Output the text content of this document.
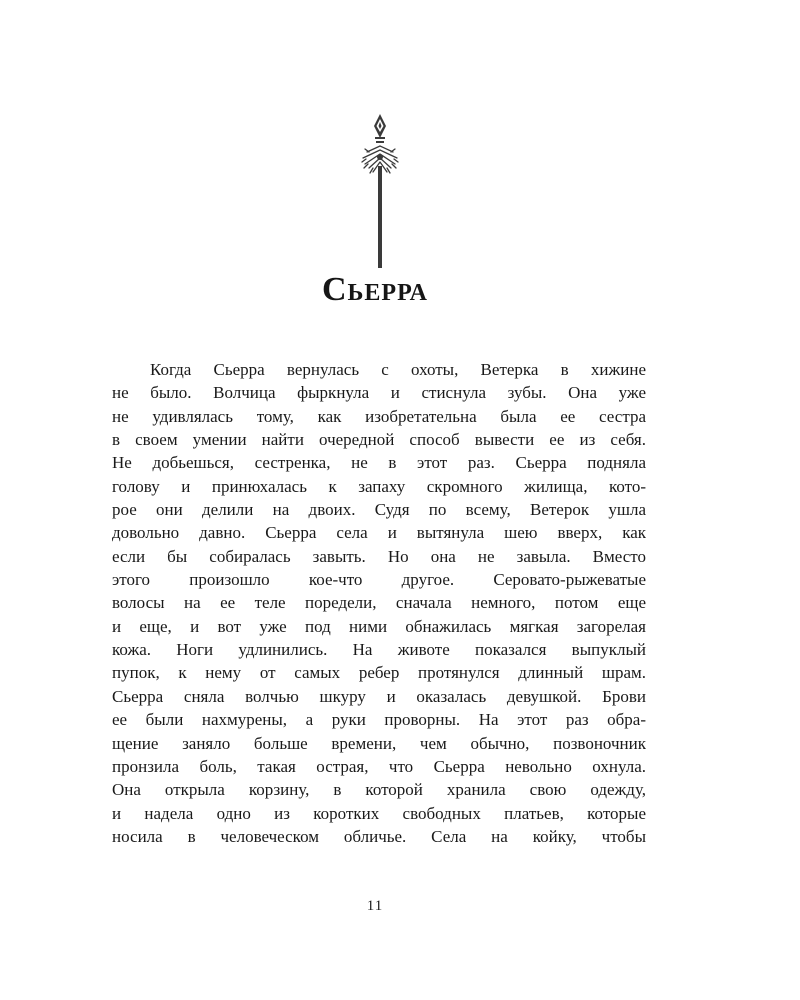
Сьерра
Когда Сьерра вернулась с охоты, Ветерка в хижине
не было. Волчица фыркнула и стиснула зубы. Она уже
не удивлялась тому, как изобретательна была ее сестра
в своем умении найти очередной способ вывести ее из себя.
Не добьешься, сестренка, не в этот раз. Сьерра подняла
голову и принюхалась к запаху скромного жилища, кото-
рое они делили на двоих. Судя по всему, Ветерок ушла
довольно давно. Сьерра села и вытянула шею вверх, как
если бы собиралась завыть. Но она не завыла. Вместо
этого произошло кое-что другое. Серовато-рыжеватые
волосы на ее теле поредели, сначала немного, потом еще
и еще, и вот уже под ними обнажилась мягкая загорелая
кожа. Ноги удлинились. На животе показался выпуклый
пупок, к нему от самых ребер протянулся длинный шрам.
Сьерра сняла волчью шкуру и оказалась девушкой. Брови
ее были нахмурены, а руки проворны. На этот раз обра-
щение заняло больше времени, чем обычно, позвоночник
пронзила боль, такая острая, что Сьерра невольно охнула.
Она открыла корзину, в которой хранила свою одежду,
и надела одно из коротких свободных платьев, которые
носила в человеческом обличье. Села на койку, чтобы
11
